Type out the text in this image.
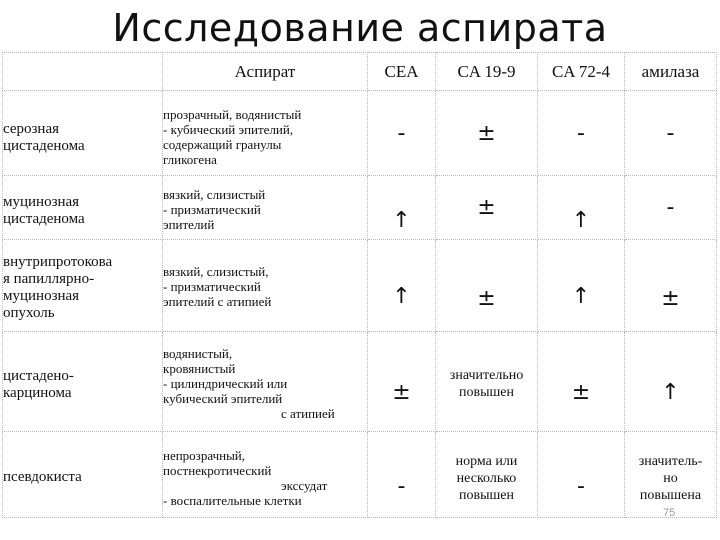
Исследование аспирата
	Аспират	CEA	CA 19-9	CA 72-4	амилаза

серозная
цистаденома	прозрачный, водянистый
- кубический эпителий,
содержащий гранулы
гликогена	-	±	-	-

муцинозная
цистаденома	вязкий, слизистый
- призматический
эпителий	↑	±	↑	-

внутрипротокова
я папиллярно-
муцинозная
опухоль	вязкий, слизистый,
- призматический
эпителий с атипией	↑	±	↑	±

цистадено-
карцинома	водянистый,
кровянистый
- цилиндрический или
кубический эпителий
с атипией	±	значительно
повышен	±	↑

псевдокиста	непрозрачный,
постнекротический
экссудат
- воспалительные клетки	-	норма или
несколько
повышен	-	значитель-
но
повышена
75
